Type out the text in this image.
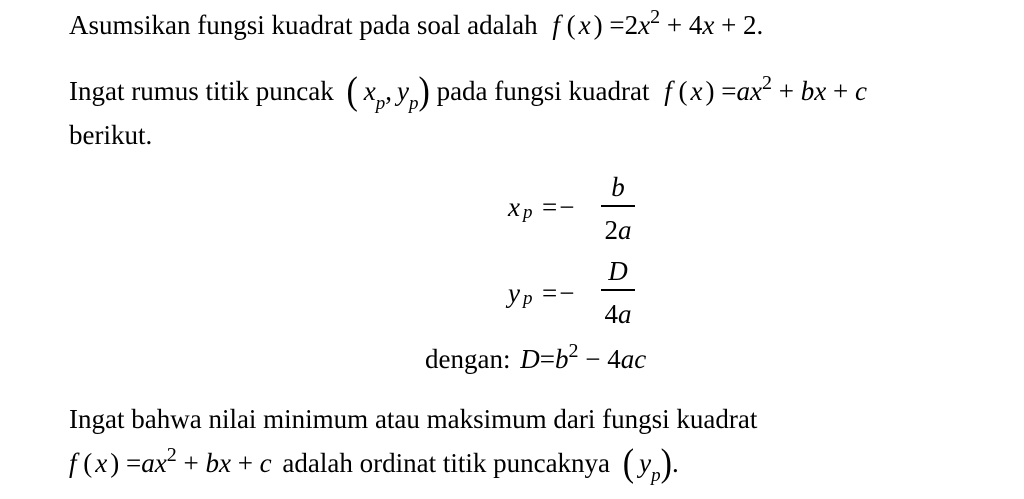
Asumsikan fungsi kuadrat pada soal adalah f ( x ) $=2x^2 + 4x + 2$.
Ingat rumus titik puncak ( $x_p$, $y_p$) pada fungsi kuadrat f ( x ) $=ax^2$ + bx + c
berikut.
x p =−
b
2a
y p =−
D
4a
dengan: $D=b^2 - 4ac$
Ingat bahwa nilai minimum atau maksimum dari fungsi kuadrat
f ( x ) $=ax^2$ + bx + c adalah ordinat titik puncaknya ( $y_p$).
